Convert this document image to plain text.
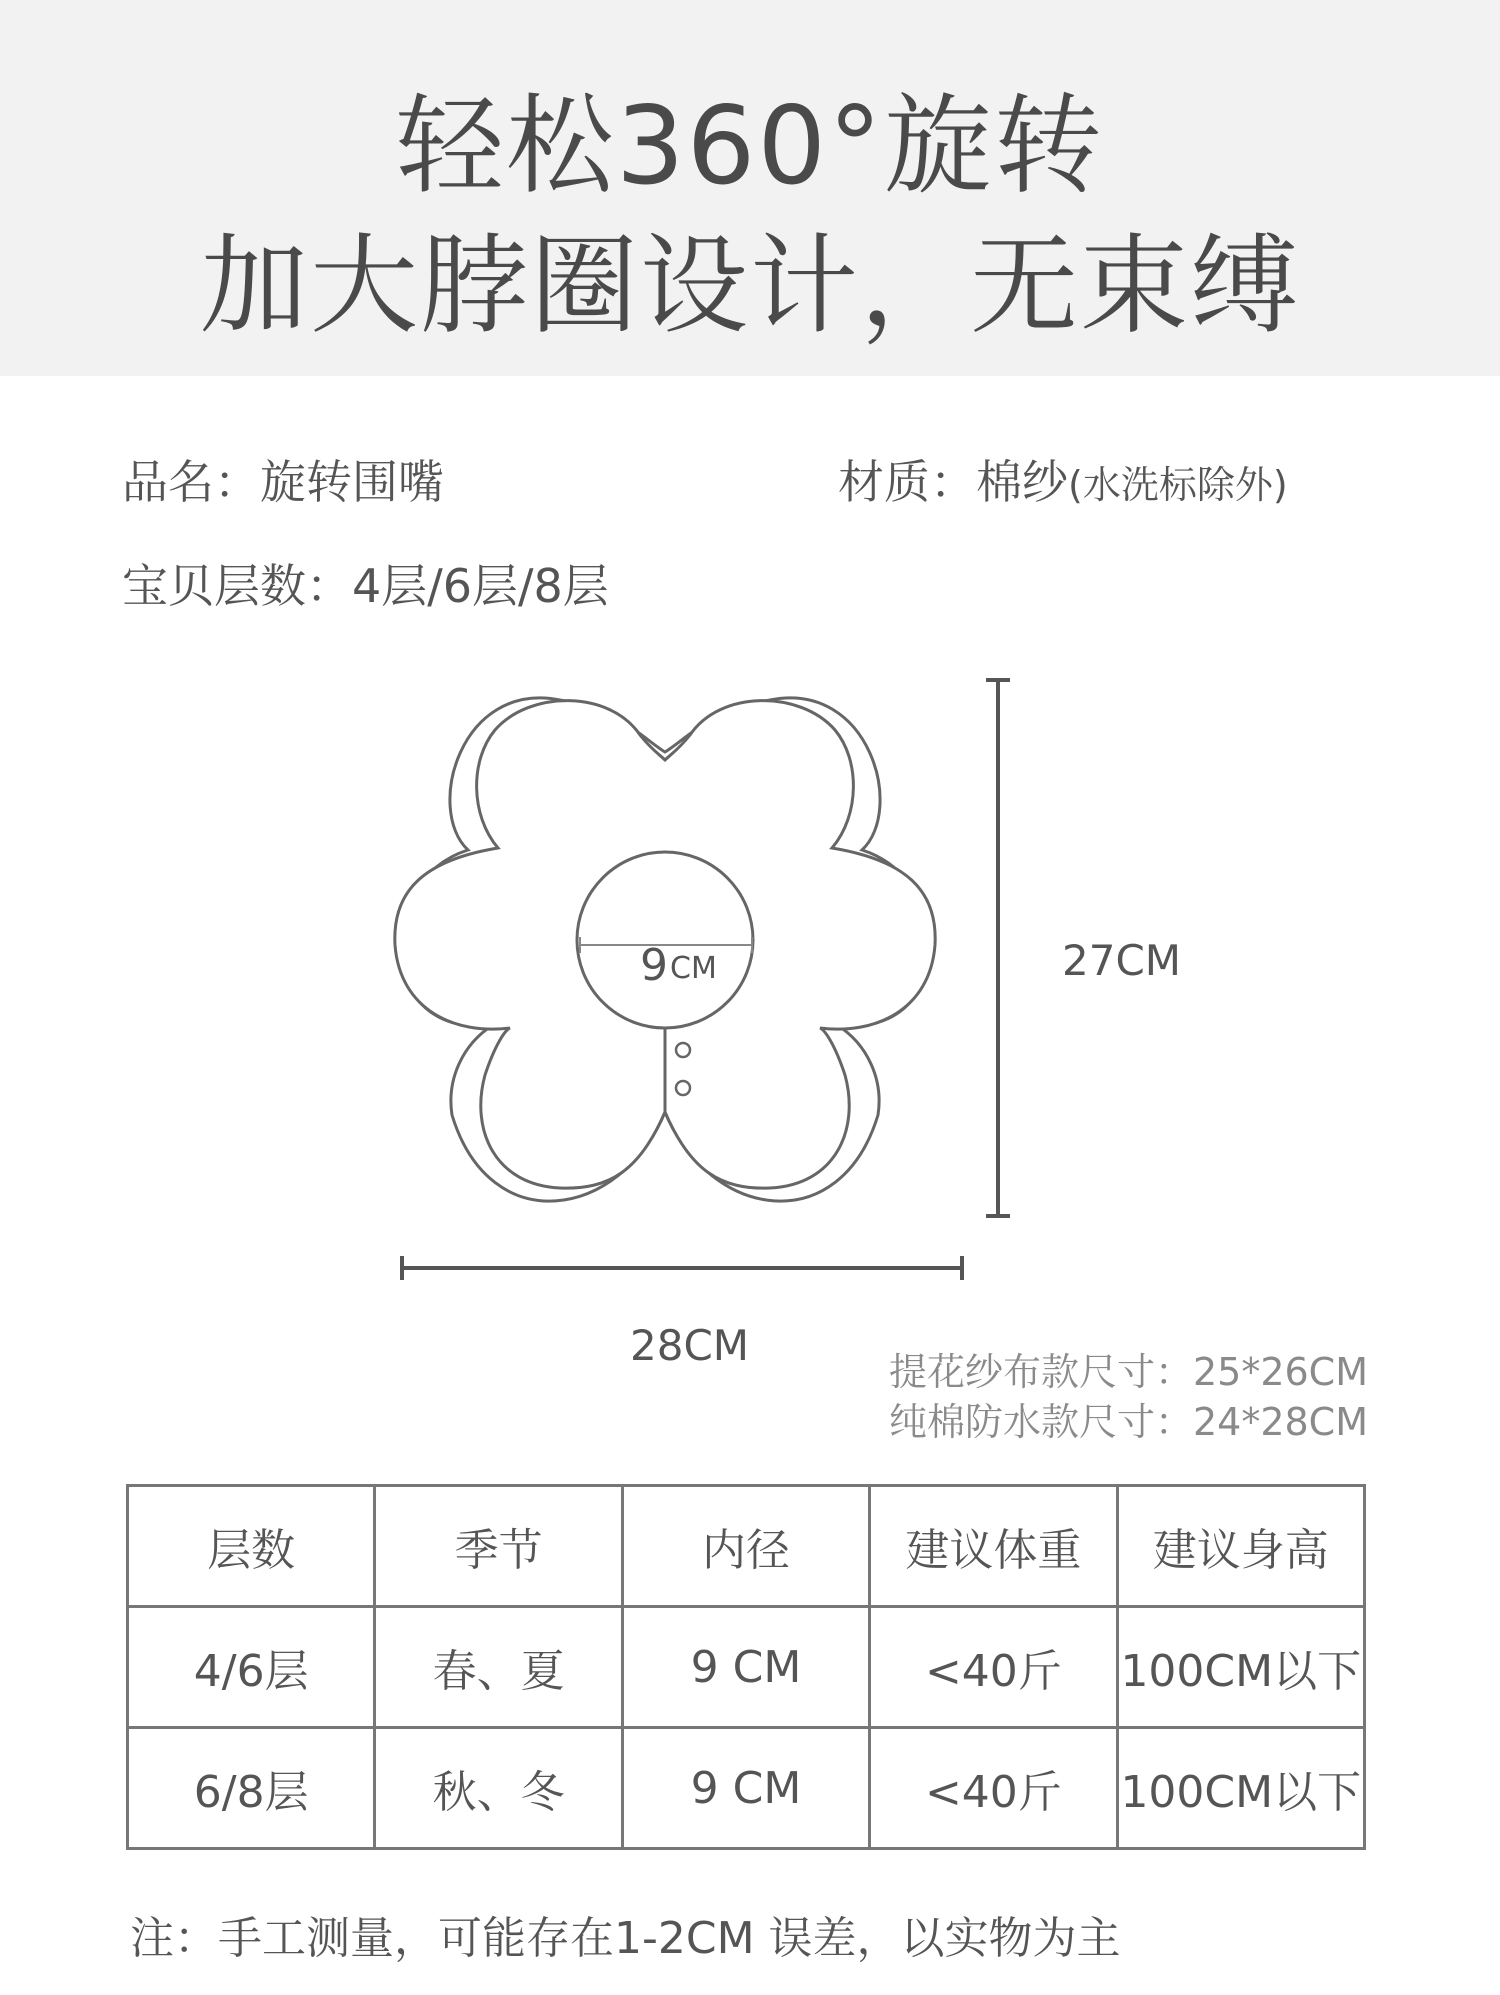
轻松360°旋转
加大脖圈设计，无束缚
品名：旋转围嘴	材质：棉纱(水洗标除外)
宝贝层数：4层/6层/8层
9 CM	27CM
28CM
提花纱布款尺寸：25*26CM
纯棉防水款尺寸：24*28CM
层数	季节	内径	建议体重	建议身高
4/6层	春、夏	9 CM	<40斤	100CM以下
6/8层	秋、冬	9 CM	<40斤	100CM以下
注：手工测量，可能存在1-2CM 误差，以实物为主
